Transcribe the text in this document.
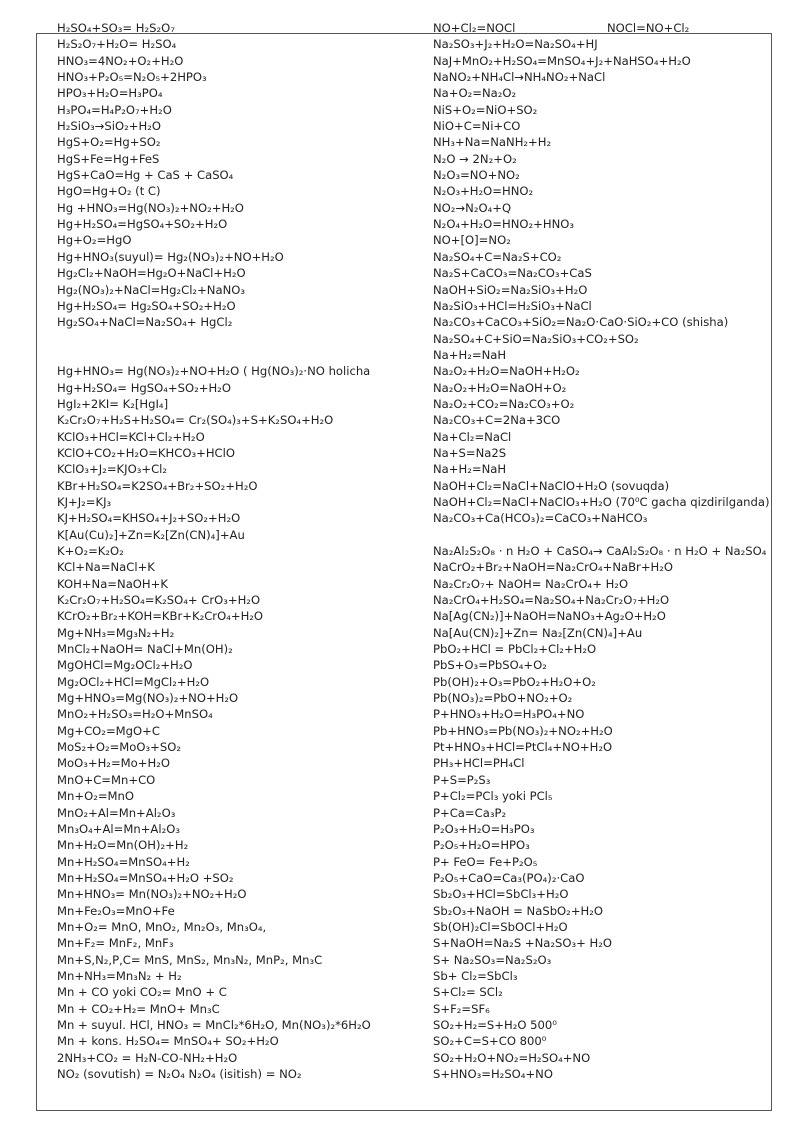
NOCl=NO+Cl₂
H₂SO₄+SO₃= H₂S₂O₇
H₂S₂O₇+H₂O= H₂SO₄
HNO₃=4NO₂+O₂+H₂O
HNO₃+P₂O₅=N₂O₅+2HPO₃
HPO₃+H₂O=H₃PO₄
H₃PO₄=H₄P₂O₇+H₂O
H₂SiO₃→SiO₂+H₂O
HgS+O₂=Hg+SO₂
HgS+Fe=Hg+FeS
HgS+CaO=Hg + CaS + CaSO₄
HgO=Hg+O₂ (t C)
Hg +HNO₃=Hg(NO₃)₂+NO₂+H₂O
Hg+H₂SO₄=HgSO₄+SO₂+H₂O
Hg+O₂=HgO
Hg+HNO₃(suyul)= Hg₂(NO₃)₂+NO+H₂O
Hg₂Cl₂+NaOH=Hg₂O+NaCl+H₂O
Hg₂(NO₃)₂+NaCl=Hg₂Cl₂+NaNO₃
Hg+H₂SO₄= Hg₂SO₄+SO₂+H₂O
Hg₂SO₄+NaCl=Na₂SO₄+ HgCl₂
Hg+HNO₃= Hg(NO₃)₂+NO+H₂O ( Hg(NO₃)₂·NO holicha
Hg+H₂SO₄= HgSO₄+SO₂+H₂O
HgI₂+2KI= K₂[HgI₄]
K₂Cr₂O₇+H₂S+H₂SO₄= Cr₂(SO₄)₃+S+K₂SO₄+H₂O
KClO₃+HCl=KCl+Cl₂+H₂O
KClO+CO₂+H₂O=KHCO₃+HClO
KClO₃+J₂=KJO₃+Cl₂
KBr+H₂SO₄=K2SO₄+Br₂+SO₂+H₂O
KJ+J₂=KJ₃
KJ+H₂SO₄=KHSO₄+J₂+SO₂+H₂O
K[Au(Cu)₂]+Zn=K₂[Zn(CN)₄]+Au
K+O₂=K₂O₂
KCl+Na=NaCl+K
KOH+Na=NaOH+K
K₂Cr₂O₇+H₂SO₄=K₂SO₄+ CrO₃+H₂O
KCrO₂+Br₂+KOH=KBr+K₂CrO₄+H₂O
Mg+NH₃=Mg₃N₂+H₂
MnCl₂+NaOH= NaCl+Mn(OH)₂
MgOHCl=Mg₂OCl₂+H₂O
Mg₂OCl₂+HCl=MgCl₂+H₂O
Mg+HNO₃=Mg(NO₃)₂+NO+H₂O
MnO₂+H₂SO₃=H₂O+MnSO₄
Mg+CO₂=MgO+C
MoS₂+O₂=MoO₃+SO₂
MoO₃+H₂=Mo+H₂O
MnO+C=Mn+CO
Mn+O₂=MnO
MnO₂+Al=Mn+Al₂O₃
Mn₃O₄+Al=Mn+Al₂O₃
Mn+H₂O=Mn(OH)₂+H₂
Mn+H₂SO₄=MnSO₄+H₂
Mn+H₂SO₄=MnSO₄+H₂O +SO₂
Mn+HNO₃= Mn(NO₃)₂+NO₂+H₂O
Mn+Fe₂O₃=MnO+Fe
Mn+O₂= MnO, MnO₂, Mn₂O₃, Mn₃O₄,
Mn+F₂= MnF₂, MnF₃
Mn+S,N₂,P,C= MnS, MnS₂, Mn₃N₂, MnP₂, Mn₃C
Mn+NH₃=Mn₃N₂ + H₂
Mn + CO yoki CO₂= MnO + C
Mn + CO₂+H₂= MnO+ Mn₃C
Mn + suyul. HCl, HNO₃ = MnCl₂*6H₂O, Mn(NO₃)₂*6H₂O
Mn + kons. H₂SO₄= MnSO₄+ SO₂+H₂O
2NH₃+CO₂ = H₂N-CO-NH₂+H₂O
NO₂ (sovutish) = N₂O₄ N₂O₄ (isitish) = NO₂
NO+Cl₂=NOCl
Na₂SO₃+J₂+H₂O=Na₂SO₄+HJ
NaJ+MnO₂+H₂SO₄=MnSO₄+J₂+NaHSO₄+H₂O
NaNO₂+NH₄Cl→NH₄NO₂+NaCl
Na+O₂=Na₂O₂
NiS+O₂=NiO+SO₂
NiO+C=Ni+CO
NH₃+Na=NaNH₂+H₂
N₂O → 2N₂+O₂
N₂O₃=NO+NO₂
N₂O₃+H₂O=HNO₂
NO₂→N₂O₄+Q
N₂O₄+H₂O=HNO₂+HNO₃
NO+[O]=NO₂
Na₂SO₄+C=Na₂S+CO₂
Na₂S+CaCO₃=Na₂CO₃+CaS
NaOH+SiO₂=Na₂SiO₃+H₂O
Na₂SiO₃+HCl=H₂SiO₃+NaCl
Na₂CO₃+CaCO₃+SiO₂=Na₂O·CaO·SiO₂+CO (shisha)
Na₂SO₄+C+SiO=Na₂SiO₃+CO₂+SO₂
Na+H₂=NaH
Na₂O₂+H₂O=NaOH+H₂O₂
Na₂O₂+H₂O=NaOH+O₂
Na₂O₂+CO₂=Na₂CO₃+O₂
Na₂CO₃+C=2Na+3CO
Na+Cl₂=NaCl
Na+S=Na2S
Na+H₂=NaH
NaOH+Cl₂=NaCl+NaClO+H₂O (sovuqda)
NaOH+Cl₂=NaCl+NaClO₃+H₂O (70⁰C gacha qizdirilganda)
Na₂CO₃+Ca(HCO₃)₂=CaCO₃+NaHCO₃
Na₂Al₂S₂O₈ · n H₂O + CaSO₄→ CaAl₂S₂O₈ · n H₂O + Na₂SO₄
NaCrO₂+Br₂+NaOH=Na₂CrO₄+NaBr+H₂O
Na₂Cr₂O₇+ NaOH= Na₂CrO₄+ H₂O
Na₂CrO₄+H₂SO₄=Na₂SO₄+Na₂Cr₂O₇+H₂O
Na[Ag(CN₂)]+NaOH=NaNO₃+Ag₂O+H₂O
Na[Au(CN)₂]+Zn= Na₂[Zn(CN)₄]+Au
PbO₂+HCl = PbCl₂+Cl₂+H₂O
PbS+O₃=PbSO₄+O₂
Pb(OH)₂+O₃=PbO₂+H₂O+O₂
Pb(NO₃)₂=PbO+NO₂+O₂
P+HNO₃+H₂O=H₃PO₄+NO
Pb+HNO₃=Pb(NO₃)₂+NO₂+H₂O
Pt+HNO₃+HCl=PtCl₄+NO+H₂O
PH₃+HCl=PH₄Cl
P+S=P₂S₃
P+Cl₂=PCl₃ yoki PCl₅
P+Ca=Ca₃P₂
P₂O₃+H₂O=H₃PO₃
P₂O₅+H₂O=HPO₃
P+ FeO= Fe+P₂O₅
P₂O₅+CaO=Ca₃(PO₄)₂·CaO
Sb₂O₃+HCl=SbCl₃+H₂O
Sb₂O₃+NaOH = NaSbO₂+H₂O
Sb(OH)₂Cl=SbOCl+H₂O
S+NaOH=Na₂S +Na₂SO₃+ H₂O
S+ Na₂SO₃=Na₂S₂O₃
Sb+ Cl₂=SbCl₃
S+Cl₂= SCl₂
S+F₂=SF₆
SO₂+H₂=S+H₂O 500⁰
SO₂+C=S+CO 800⁰
SO₂+H₂O+NO₂=H₂SO₄+NO
S+HNO₃=H₂SO₄+NO
